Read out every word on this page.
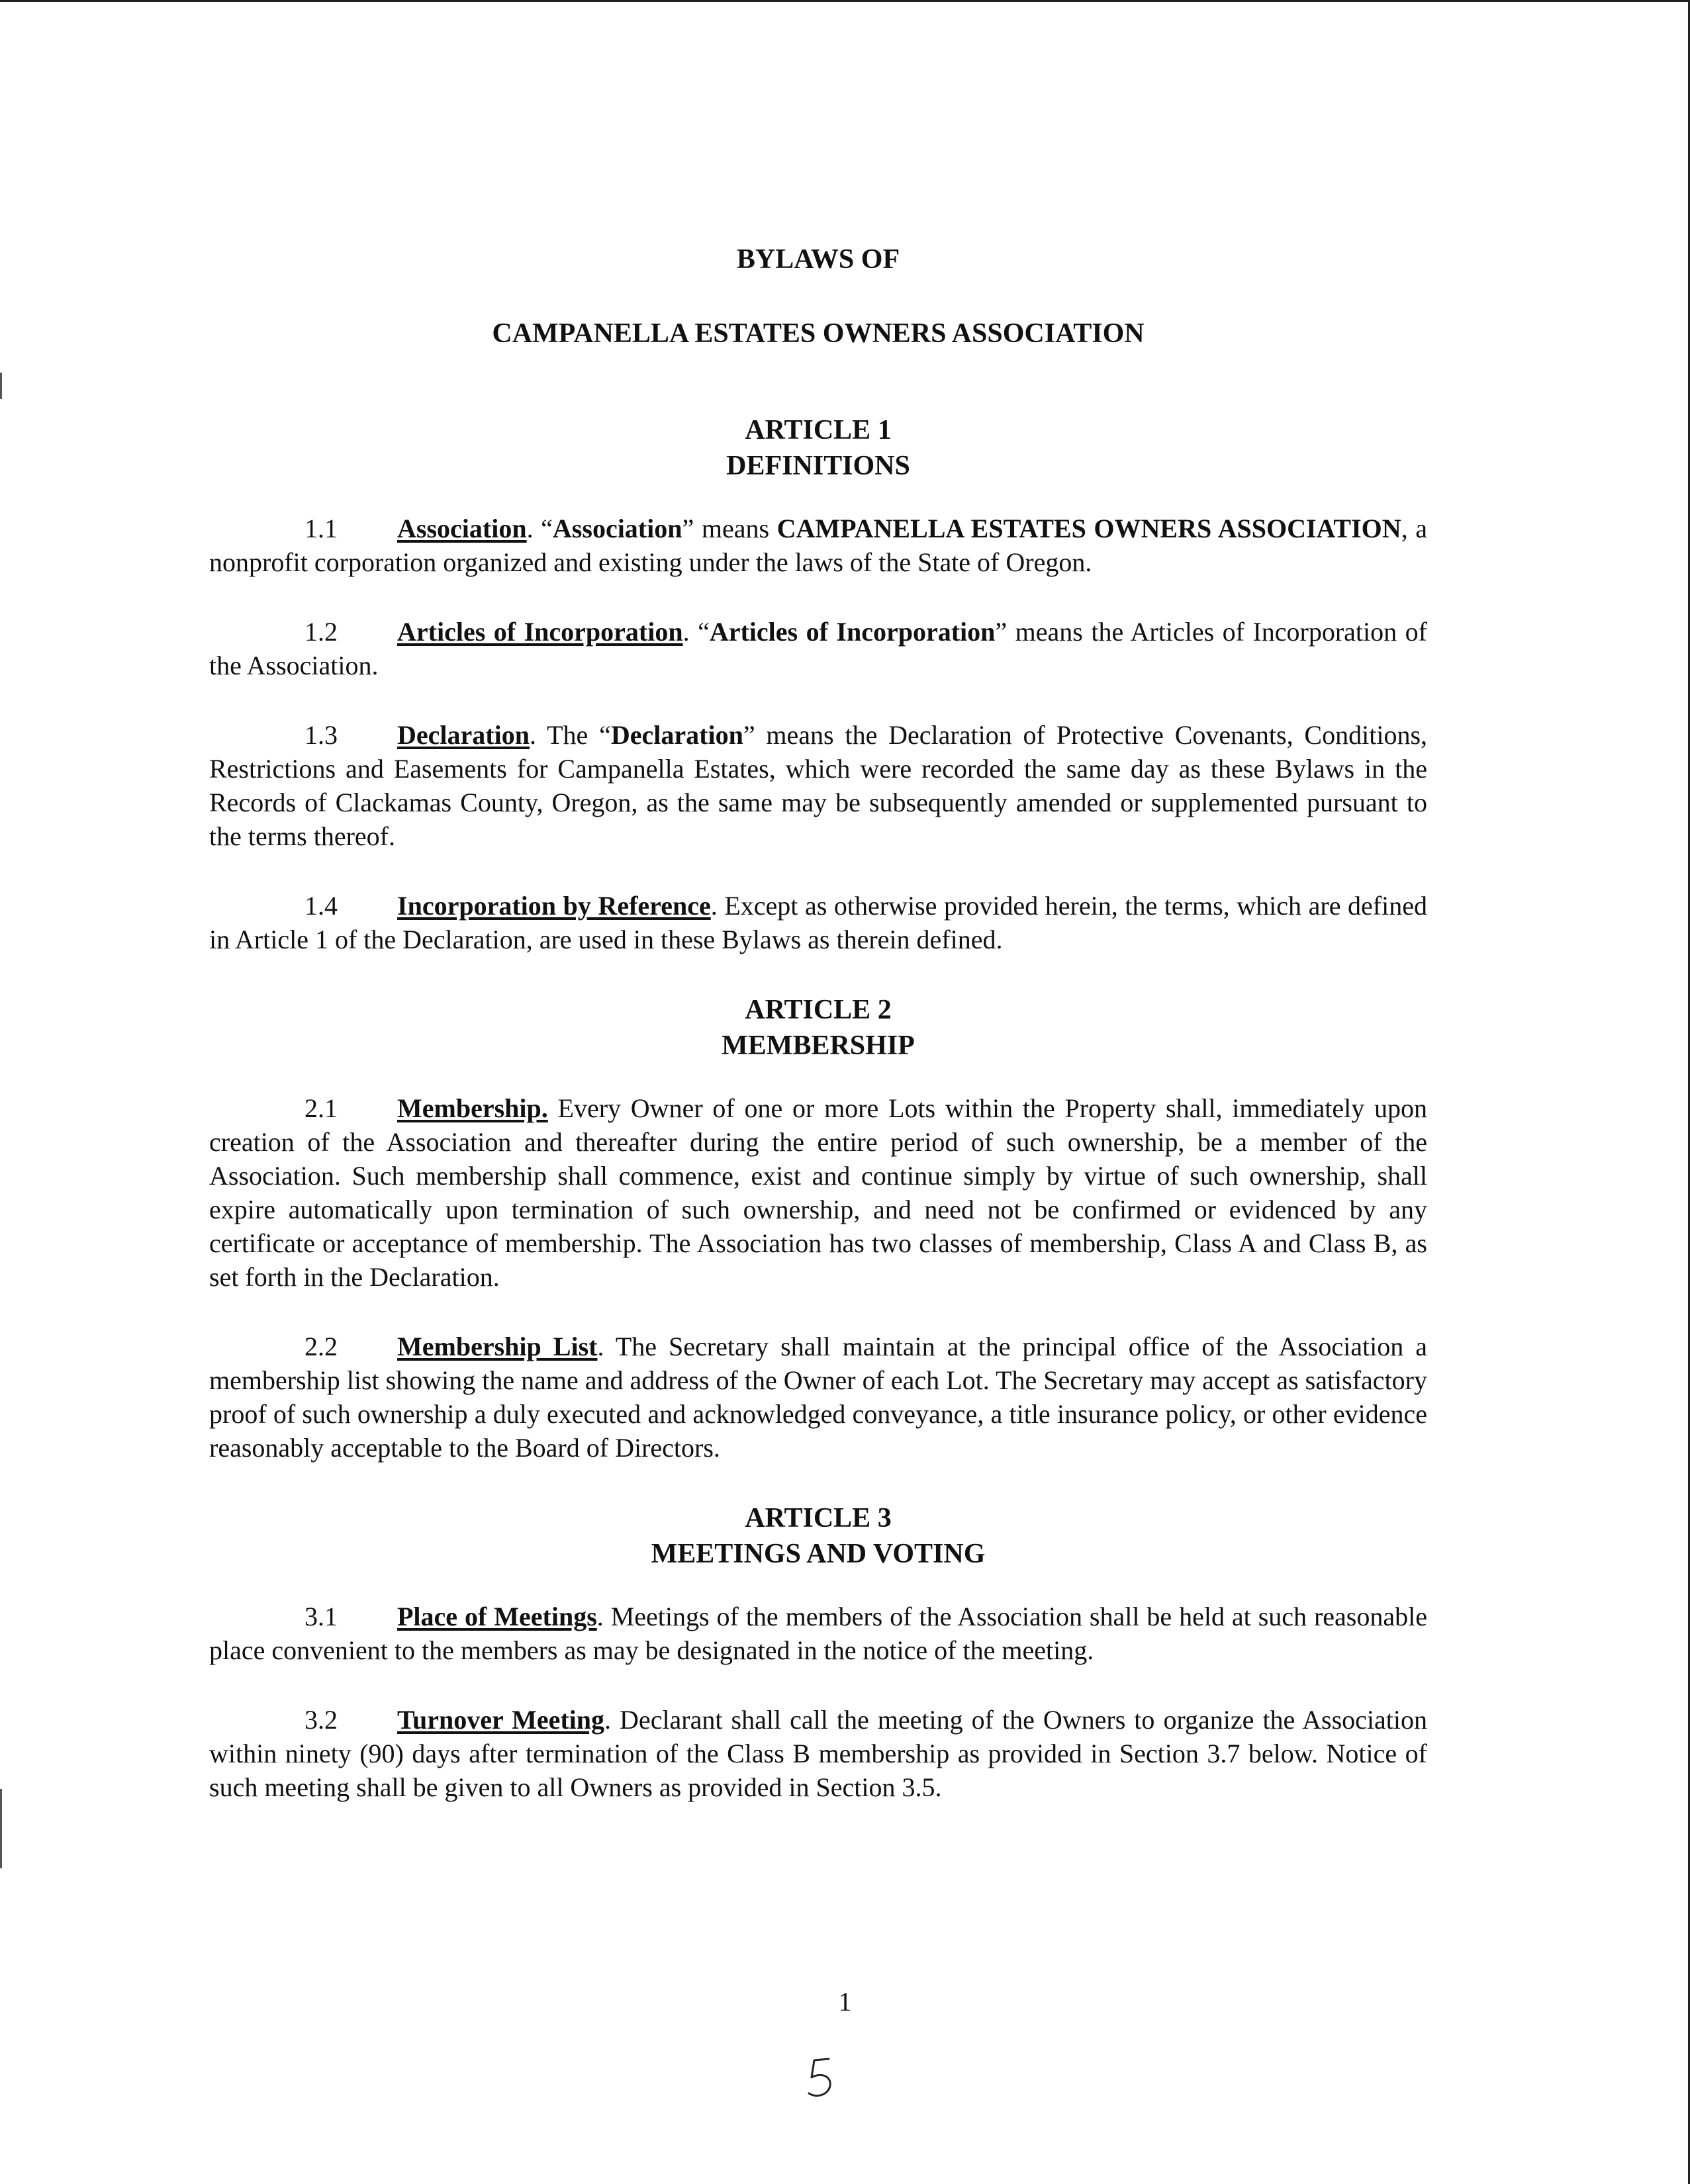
BYLAWS OF

CAMPANELLA ESTATES OWNERS ASSOCIATION

ARTICLE 1

DEFINITIONS

1.1 Association. “Association” means CAMPANELLA ESTATES OWNERS ASSOCIATION, a nonprofit corporation organized and existing under the laws of the State of Oregon.

1.2 Articles of Incorporation. “Articles of Incorporation” means the Articles of Incorporation of the Association.

1.3 Declaration. The “Declaration” means the Declaration of Protective Covenants, Conditions, Restrictions and Easements for Campanella Estates, which were recorded the same day as these Bylaws in the Records of Clackamas County, Oregon, as the same may be subsequently amended or supplemented pursuant to the terms thereof.

1.4 Incorporation by Reference. Except as otherwise provided herein, the terms, which are defined in Article 1 of the Declaration, are used in these Bylaws as therein defined.

ARTICLE 2

MEMBERSHIP

2.1 Membership. Every Owner of one or more Lots within the Property shall, immediately upon creation of the Association and thereafter during the entire period of such ownership, be a member of the Association. Such membership shall commence, exist and continue simply by virtue of such ownership, shall expire automatically upon termination of such ownership, and need not be confirmed or evidenced by any certificate or acceptance of membership. The Association has two classes of membership, Class A and Class B, as set forth in the Declaration.

2.2 Membership List. The Secretary shall maintain at the principal office of the Association a membership list showing the name and address of the Owner of each Lot. The Secretary may accept as satisfactory proof of such ownership a duly executed and acknowledged conveyance, a title insurance policy, or other evidence reasonably acceptable to the Board of Directors.

ARTICLE 3

MEETINGS AND VOTING

3.1 Place of Meetings. Meetings of the members of the Association shall be held at such reasonable place convenient to the members as may be designated in the notice of the meeting.

3.2 Turnover Meeting. Declarant shall call the meeting of the Owners to organize the Association within ninety (90) days after termination of the Class B membership as provided in Section 3.7 below. Notice of such meeting shall be given to all Owners as provided in Section 3.5.

1
